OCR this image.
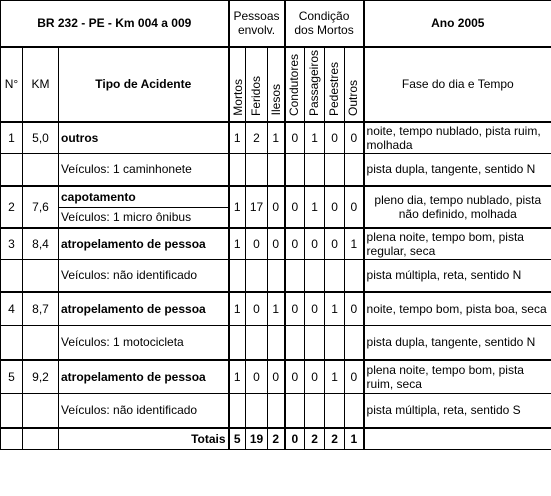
BR 232 - PE - Km 004 a 009			Pessoas envolv.			Condição dos Mortos				Ano 2005
N°	KM	Tipo de Acidente	Mortos	Feridos	Ilesos	Condutores	Passageiros	Pedestres	Outros	Fase do dia e Tempo
1	5,0	outros	1	2	1	0	1	0	0	noite, tempo nublado, pista ruim, molhada
		Veículos: 1 caminhonete								pista dupla, tangente, sentido N
2	7,6	capotamento	1	17	0	0	1	0	0	pleno dia, tempo nublado, pista não definido, molhada
		Veículos: 1 micro ônibus								
3	8,4	atropelamento de pessoa	1	0	0	0	0	0	1	plena noite, tempo bom, pista regular, seca
		Veículos: não identificado								pista múltipla, reta, sentido N
4	8,7	atropelamento de pessoa	1	0	1	0	0	1	0	noite, tempo bom, pista boa, seca
		Veículos: 1 motocicleta								pista dupla, tangente, sentido N
5	9,2	atropelamento de pessoa	1	0	0	0	0	1	0	plena noite, tempo bom, pista ruim, seca
		Veículos: não identificado								pista múltipla, reta, sentido S
		Totais	5	19	2	0	2	2	1	
